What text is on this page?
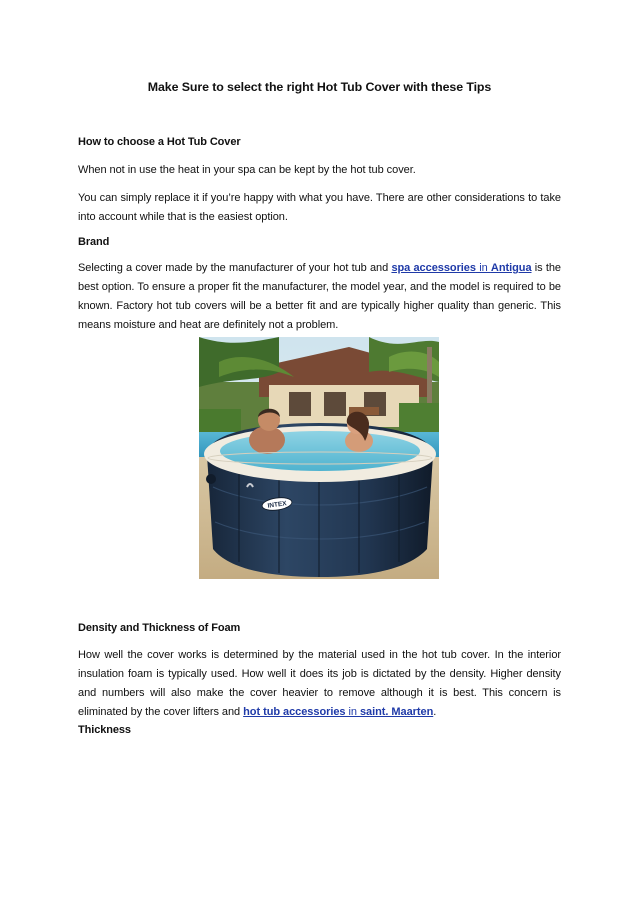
Make Sure to select the right Hot Tub Cover with these Tips
How to choose a Hot Tub Cover
When not in use the heat in your spa can be kept by the hot tub cover.
You can simply replace it if you’re happy with what you have. There are other considerations to take into account while that is the easiest option.
Brand
Selecting a cover made by the manufacturer of your hot tub and spa accessories in Antigua is the best option. To ensure a proper fit the manufacturer, the model year, and the model is required to be known. Factory hot tub covers will be a better fit and are typically higher quality than generic. This means moisture and heat are definitely not a problem.
INTEX
Density and Thickness of Foam
How well the cover works is determined by the material used in the hot tub cover. In the interior insulation foam is typically used. How well it does its job is dictated by the density. Higher density and numbers will also make the cover heavier to remove although it is best. This concern is eliminated by the cover lifters and hot tub accessories in saint. Maarten.
Thickness
